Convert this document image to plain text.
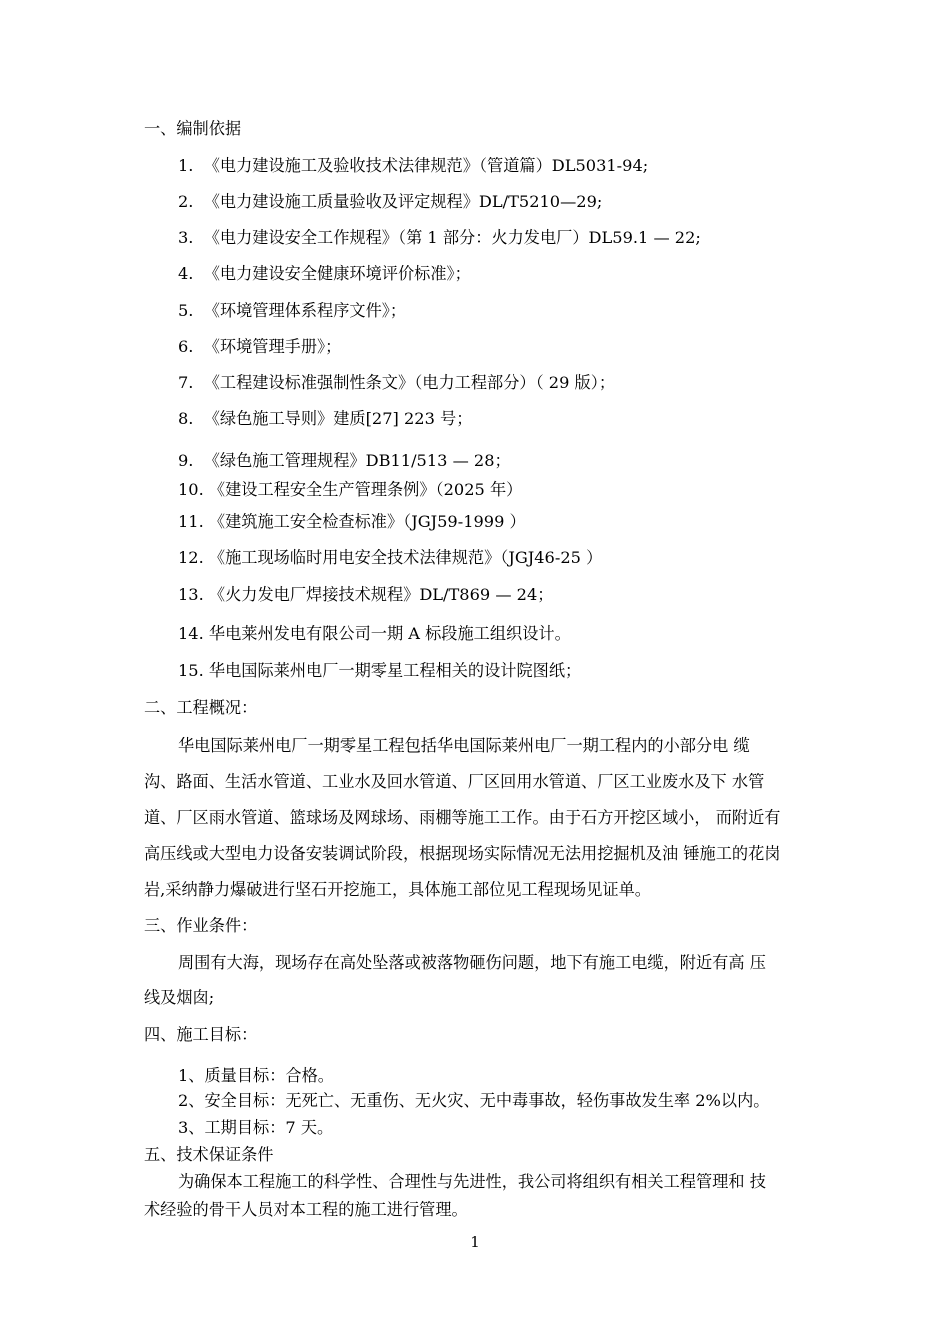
一、编制依据
1.  《电力建设施工及验收技术法律规范》（管道篇）DL5031-94;
2.  《电力建设施工质量验收及评定规程》DL/T5210—29;
3.  《电力建设安全工作规程》（第 1 部分：火力发电厂）DL59.1 — 22;
4.  《电力建设安全健康环境评价标准》；
5.  《环境管理体系程序文件》；
6.  《环境管理手册》；
7.  《工程建设标准强制性条文》（电力工程部分）（ 29 版）；
8.  《绿色施工导则》建质[27] 223 号；
9.  《绿色施工管理规程》DB11/513 — 28；
10. 《建设工程安全生产管理条例》（2025 年）
11. 《建筑施工安全检查标准》（JGJ59-1999 ）
12. 《施工现场临时用电安全技术法律规范》（JGJ46-25 ）
13. 《火力发电厂焊接技术规程》DL/T869 — 24；
14. 华电莱州发电有限公司一期 A 标段施工组织设计。
15. 华电国际莱州电厂一期零星工程相关的设计院图纸；
二、工程概况：
华电国际莱州电厂一期零星工程包括华电国际莱州电厂一期工程内的小部分电 缆
沟、路面、生活水管道、工业水及回水管道、厂区回用水管道、厂区工业废水及下 水管
道、厂区雨水管道、篮球场及网球场、雨棚等施工工作。由于石方开挖区域小， 而附近有
高压线或大型电力设备安装调试阶段，根据现场实际情况无法用挖掘机及油 锤施工的花岗
岩,采纳静力爆破进行坚石开挖施工，具体施工部位见工程现场见证单。
三、作业条件：
周围有大海，现场存在高处坠落或被落物砸伤问题，地下有施工电缆，附近有高 压
线及烟囱;
四、施工目标：
1、质量目标：合格。
2、安全目标：无死亡、无重伤、无火灾、无中毒事故，轻伤事故发生率 2%以内。
3、工期目标：7 天。
五、技术保证条件
为确保本工程施工的科学性、合理性与先进性，我公司将组织有相关工程管理和 技
术经验的骨干人员对本工程的施工进行管理。
1
